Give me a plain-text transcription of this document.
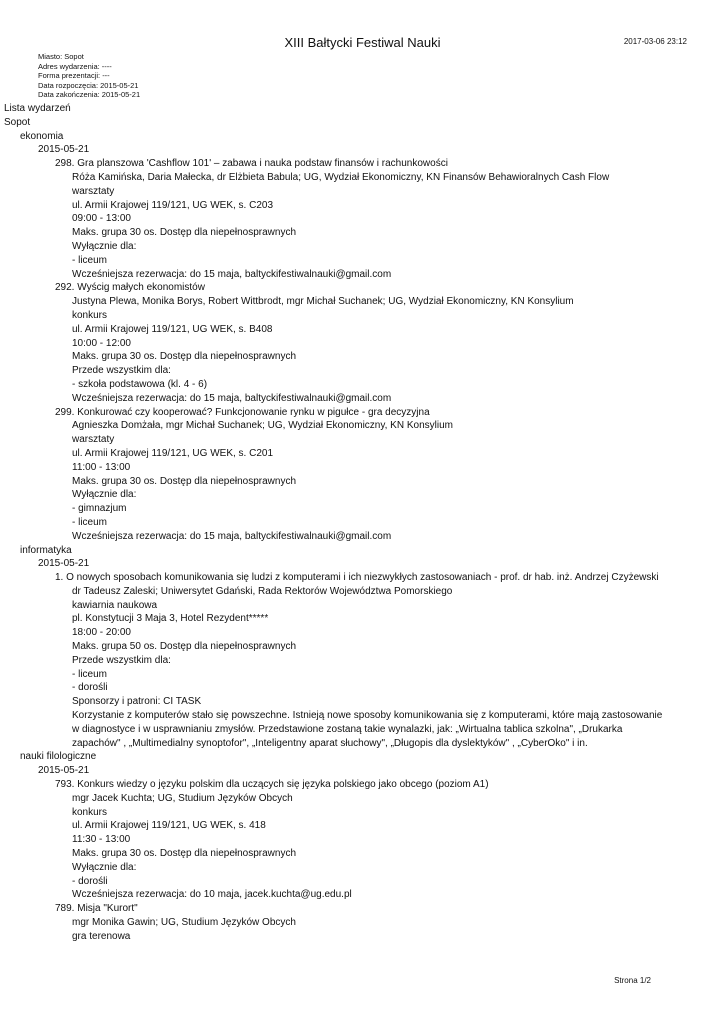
XIII Bałtycki Festiwal Nauki	2017-03-06 23:12
Miasto: Sopot
Adres wydarzenia: ----
Forma prezentacji: ---
Data rozpoczęcia: 2015-05-21
Data zakończenia: 2015-05-21
Lista wydarzeń
Sopot
ekonomia
2015-05-21
298. Gra planszowa 'Cashflow 101' – zabawa i nauka podstaw finansów i rachunkowości
Róża Kamińska, Daria Małecka, dr Elżbieta Babula; UG, Wydział Ekonomiczny, KN Finansów Behawioralnych Cash Flow
warsztaty
ul. Armii Krajowej 119/121, UG WEK, s. C203
09:00 - 13:00
Maks. grupa 30 os. Dostęp dla niepełnosprawnych
Wyłącznie dla:
- liceum
Wcześniejsza rezerwacja: do 15 maja, baltyckifestiwalnauki@gmail.com
292. Wyścig małych ekonomistów
Justyna Plewa, Monika Borys, Robert Wittbrodt, mgr Michał Suchanek; UG, Wydział Ekonomiczny, KN Konsylium
konkurs
ul. Armii Krajowej 119/121, UG WEK, s. B408
10:00 - 12:00
Maks. grupa 30 os. Dostęp dla niepełnosprawnych
Przede wszystkim dla:
- szkoła podstawowa (kl. 4 - 6)
Wcześniejsza rezerwacja: do 15 maja, baltyckifestiwalnauki@gmail.com
299. Konkurować czy kooperować? Funkcjonowanie rynku w pigułce - gra decyzyjna
Agnieszka Domżała, mgr Michał Suchanek; UG, Wydział Ekonomiczny, KN Konsylium
warsztaty
ul. Armii Krajowej 119/121, UG WEK, s. C201
11:00 - 13:00
Maks. grupa 30 os. Dostęp dla niepełnosprawnych
Wyłącznie dla:
- gimnazjum
- liceum
Wcześniejsza rezerwacja: do 15 maja, baltyckifestiwalnauki@gmail.com
informatyka
2015-05-21
1. O nowych sposobach komunikowania się ludzi z komputerami i ich niezwykłych zastosowaniach - prof. dr hab. inż. Andrzej Czyżewski
dr Tadeusz Zaleski; Uniwersytet Gdański, Rada Rektorów Województwa Pomorskiego
kawiarnia naukowa
pl. Konstytucji 3 Maja 3, Hotel Rezydent*****
18:00 - 20:00
Maks. grupa 50 os. Dostęp dla niepełnosprawnych
Przede wszystkim dla:
- liceum
- dorośli
Sponsorzy i patroni: CI TASK
Korzystanie z komputerów stało się powszechne. Istnieją nowe sposoby komunikowania się z komputerami, które mają zastosowanie w diagnostyce i w usprawnianiu zmysłów. Przedstawione zostaną takie wynalazki, jak: „Wirtualna tablica szkolna", „Drukarka zapachów" , „Multimedialny synoptofor", „Inteligentny aparat słuchowy", „Długopis dla dyslektyków" , „CyberOko" i in.
nauki filologiczne
2015-05-21
793. Konkurs wiedzy o języku polskim dla uczących się języka polskiego jako obcego (poziom A1)
mgr Jacek Kuchta; UG, Studium Języków Obcych
konkurs
ul. Armii Krajowej 119/121, UG WEK, s. 418
11:30 - 13:00
Maks. grupa 30 os. Dostęp dla niepełnosprawnych
Wyłącznie dla:
- dorośli
Wcześniejsza rezerwacja: do 10 maja, jacek.kuchta@ug.edu.pl
789. Misja "Kurort"
mgr Monika Gawin; UG, Studium Języków Obcych
gra terenowa
Strona 1/2
